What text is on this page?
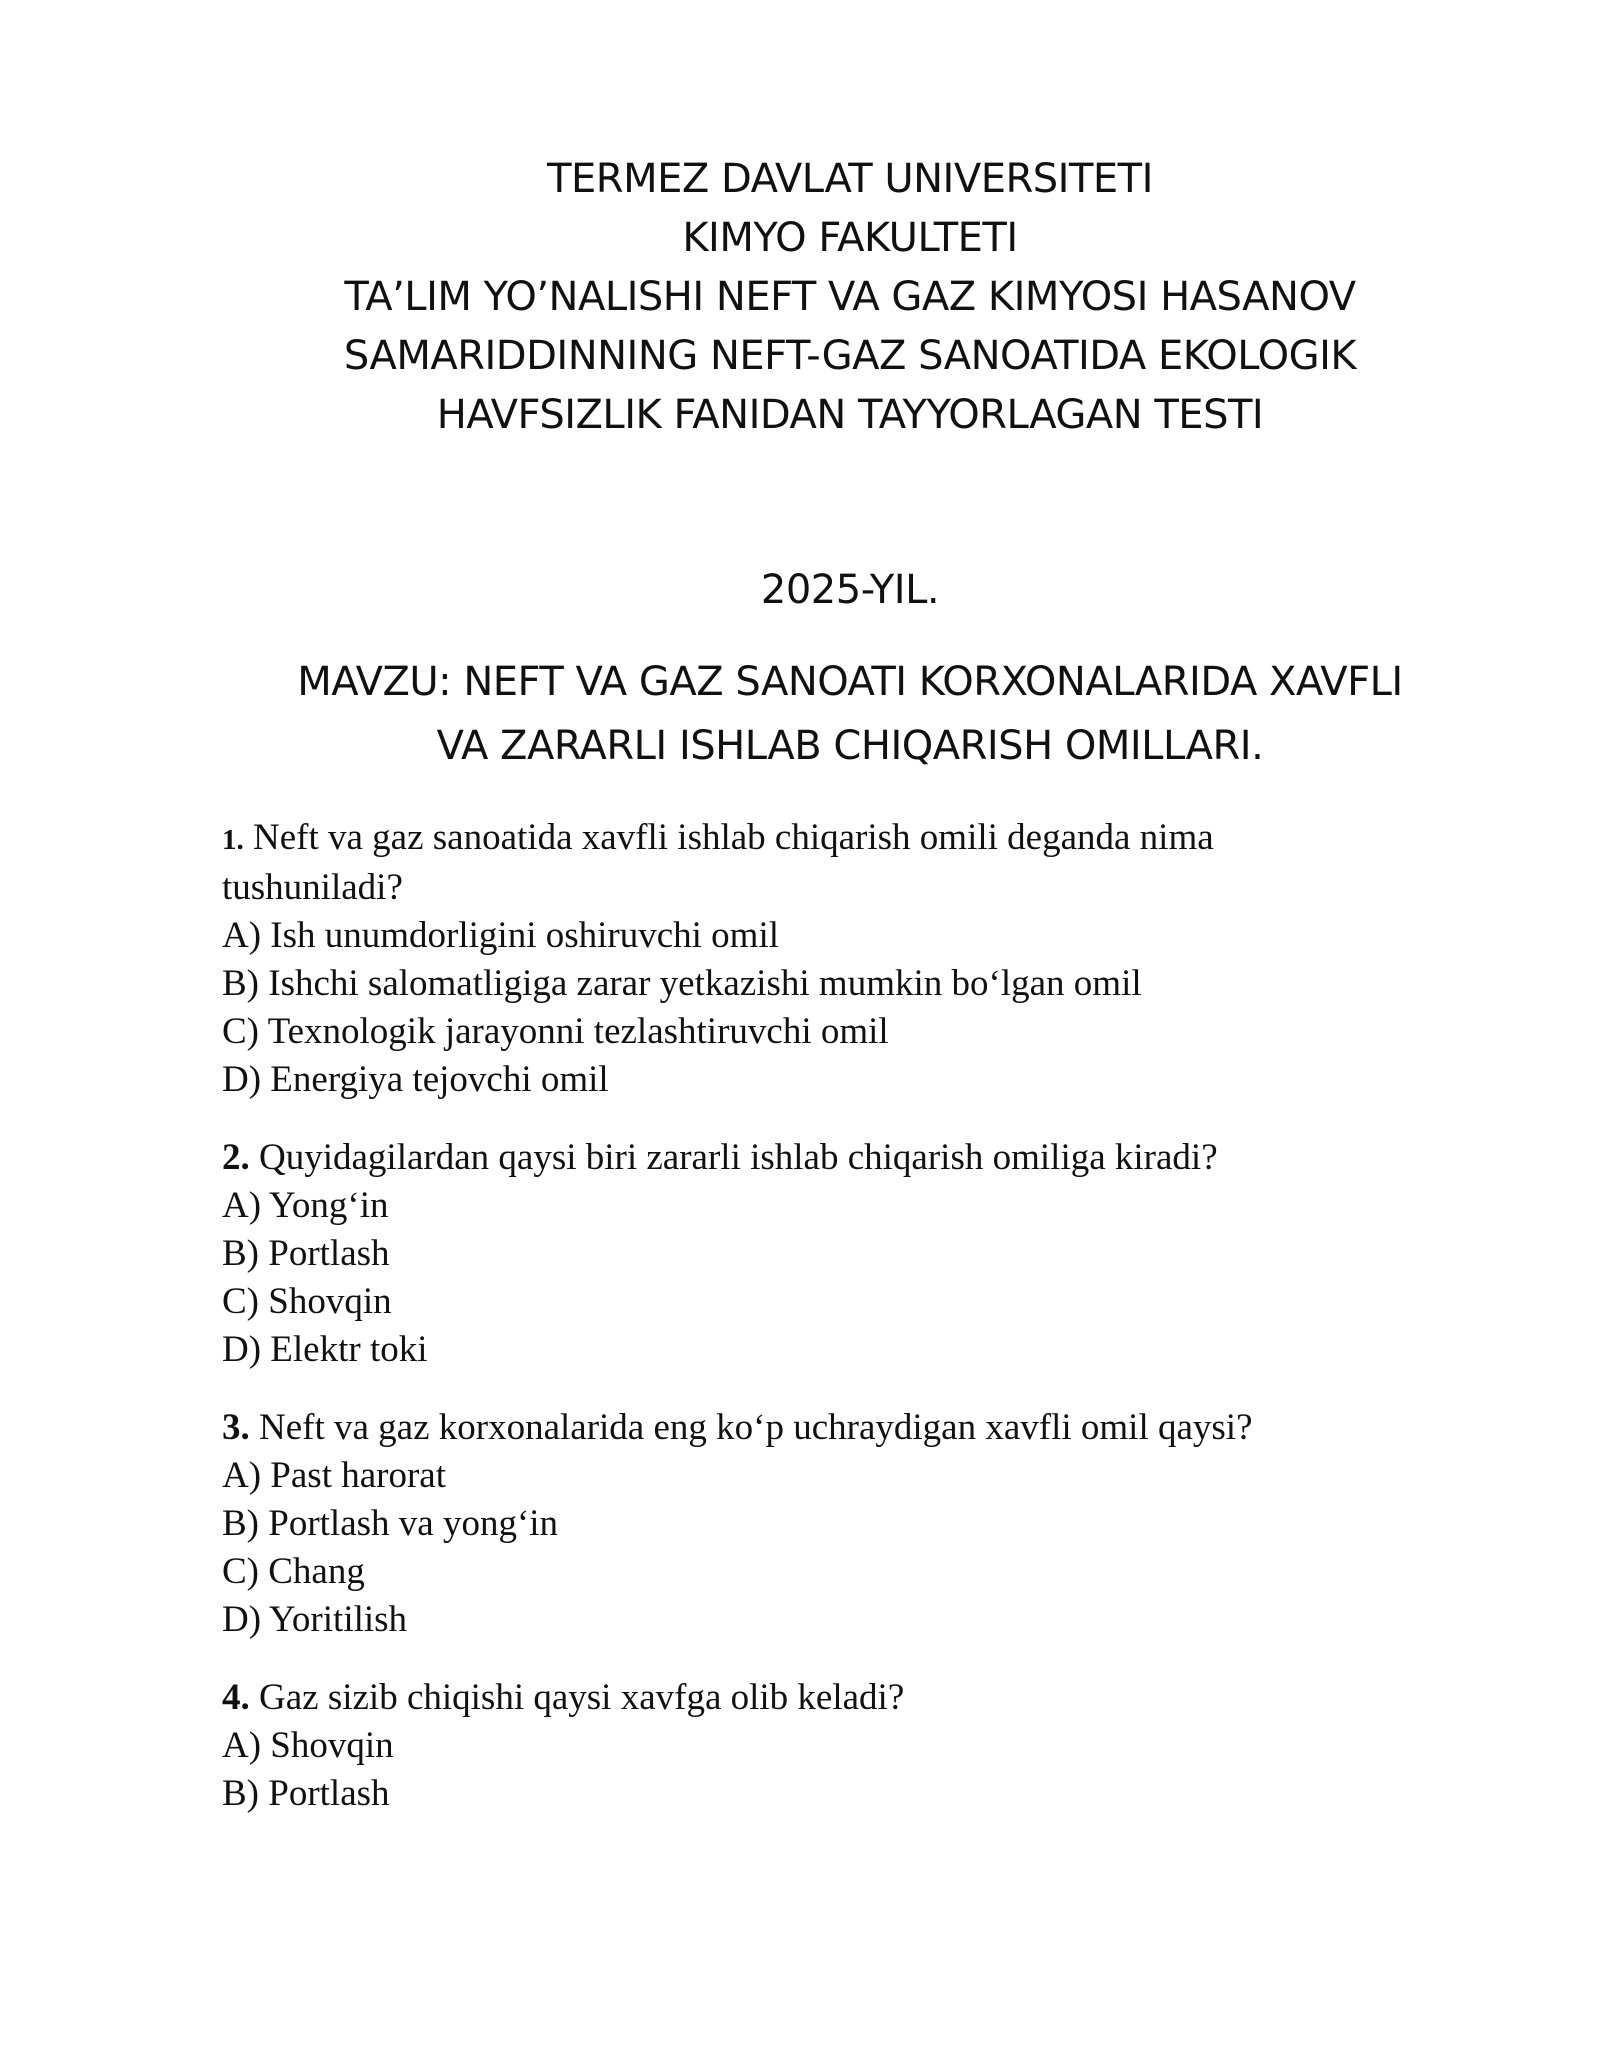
TERMEZ DAVLAT UNIVERSITETI
KIMYO FAKULTETI
TA’LIM YO’NALISHI NEFT VA GAZ KIMYOSI HASANOV
SAMARIDDINNING NEFT-GAZ SANOATIDA EKOLOGIK
HAVFSIZLIK FANIDAN TAYYORLAGAN TESTI
2025-YIL.
MAVZU: NEFT VA GAZ SANOATI KORXONALARIDA XAVFLI
VA ZARARLI ISHLAB CHIQARISH OMILLARI.
1. Neft va gaz sanoatida xavfli ishlab chiqarish omili deganda nima
tushuniladi?
A) Ish unumdorligini oshiruvchi omil
B) Ishchi salomatligiga zarar yetkazishi mumkin bo‘lgan omil
C) Texnologik jarayonni tezlashtiruvchi omil
D) Energiya tejovchi omil
2. Quyidagilardan qaysi biri zararli ishlab chiqarish omiliga kiradi?
A) Yong‘in
B) Portlash
C) Shovqin
D) Elektr toki
3. Neft va gaz korxonalarida eng ko‘p uchraydigan xavfli omil qaysi?
A) Past harorat
B) Portlash va yong‘in
C) Chang
D) Yoritilish
4. Gaz sizib chiqishi qaysi xavfga olib keladi?
A) Shovqin
B) Portlash
